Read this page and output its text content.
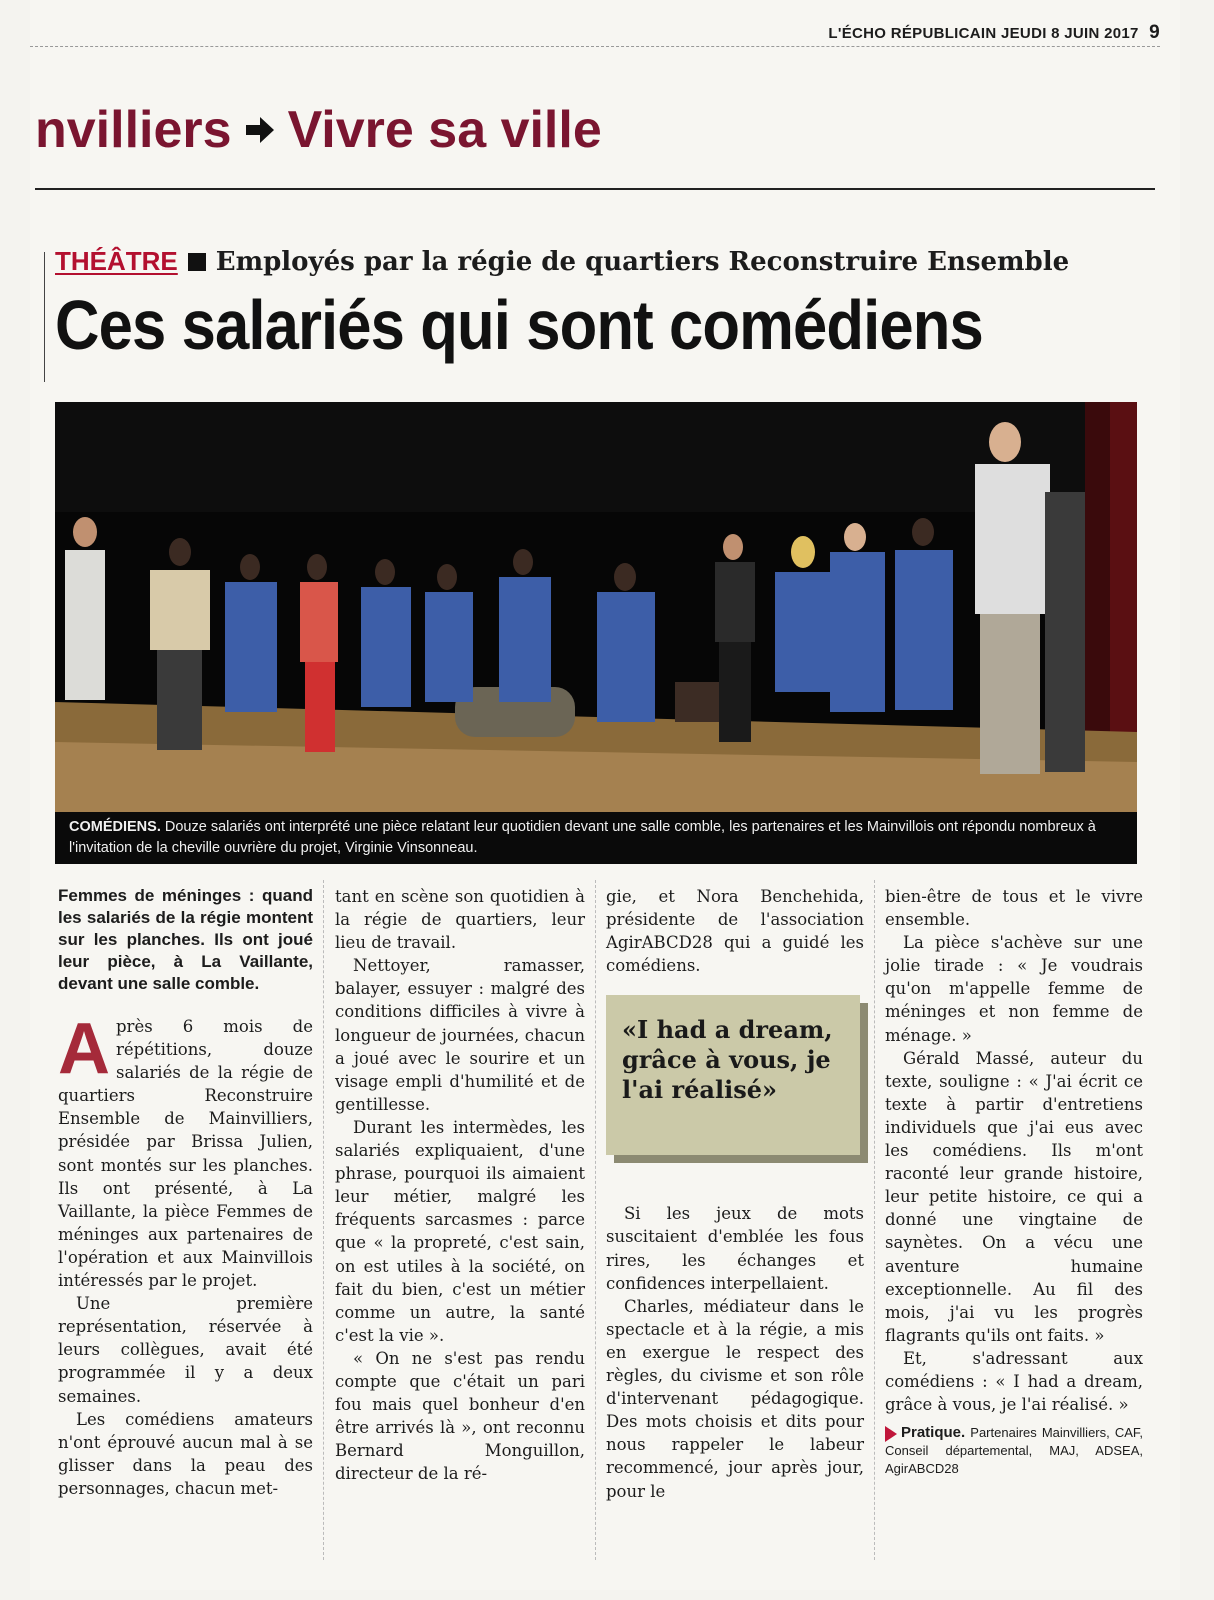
L'ÉCHO RÉPUBLICAIN JEUDI 8 JUIN 2017 9
nvilliers Vivre sa ville
THÉÂTRE Employés par la régie de quartiers Reconstruire Ensemble
Ces salariés qui sont comédiens
COMÉDIENS. Douze salariés ont interprété une pièce relatant leur quotidien devant une salle comble, les partenaires et les Mainvillois ont répondu nombreux à l'invitation de la cheville ouvrière du projet, Virginie Vinsonneau.
Femmes de méninges : quand les salariés de la régie montent sur les planches. Ils ont joué leur pièce, à La Vaillante, devant une salle comble.

Après 6 mois de répétitions, douze salariés de la régie de quartiers Reconstruire Ensemble de Mainvilliers, présidée par Brissa Julien, sont montés sur les planches. Ils ont présenté, à La Vaillante, la pièce Femmes de méninges aux partenaires de l'opération et aux Mainvillois intéressés par le projet.

Une première représentation, réservée à leurs collègues, avait été programmée il y a deux semaines.

Les comédiens amateurs n'ont éprouvé aucun mal à se glisser dans la peau des personnages, chacun met-

tant en scène son quotidien à la régie de quartiers, leur lieu de travail.

Nettoyer, ramasser, balayer, essuyer : malgré des conditions difficiles à vivre à longueur de journées, chacun a joué avec le sourire et un visage empli d'humilité et de gentillesse.

Durant les intermèdes, les salariés expliquaient, d'une phrase, pourquoi ils aimaient leur métier, malgré les fréquents sarcasmes : parce que « la propreté, c'est sain, on est utiles à la société, on fait du bien, c'est un métier comme un autre, la santé c'est la vie ».

« On ne s'est pas rendu compte que c'était un pari fou mais quel bonheur d'en être arrivés là », ont reconnu Bernard Monguillon, directeur de la ré-

gie, et Nora Benchehida, présidente de l'association AgirABCD28 qui a guidé les comédiens.

Si les jeux de mots suscitaient d'emblée les fous rires, les échanges et confidences interpellaient.

Charles, médiateur dans le spectacle et à la régie, a mis en exergue le respect des règles, du civisme et son rôle d'intervenant pédagogique. Des mots choisis et dits pour nous rappeler le labeur recommencé, jour après jour, pour le

«I had a dream, grâce à vous, je l'ai réalisé»

bien-être de tous et le vivre ensemble.

La pièce s'achève sur une jolie tirade : « Je voudrais qu'on m'appelle femme de méninges et non femme de ménage. »

Gérald Massé, auteur du texte, souligne : « J'ai écrit ce texte à partir d'entretiens individuels que j'ai eus avec les comédiens. Ils m'ont raconté leur grande histoire, leur petite histoire, ce qui a donné une vingtaine de saynètes. On a vécu une aventure humaine exceptionnelle. Au fil des mois, j'ai vu les progrès flagrants qu'ils ont faits. »

Et, s'adressant aux comédiens : « I had a dream, grâce à vous, je l'ai réalisé. »

Pratique. Partenaires Mainvilliers, CAF, Conseil départemental, MAJ, ADSEA, AgirABCD28
